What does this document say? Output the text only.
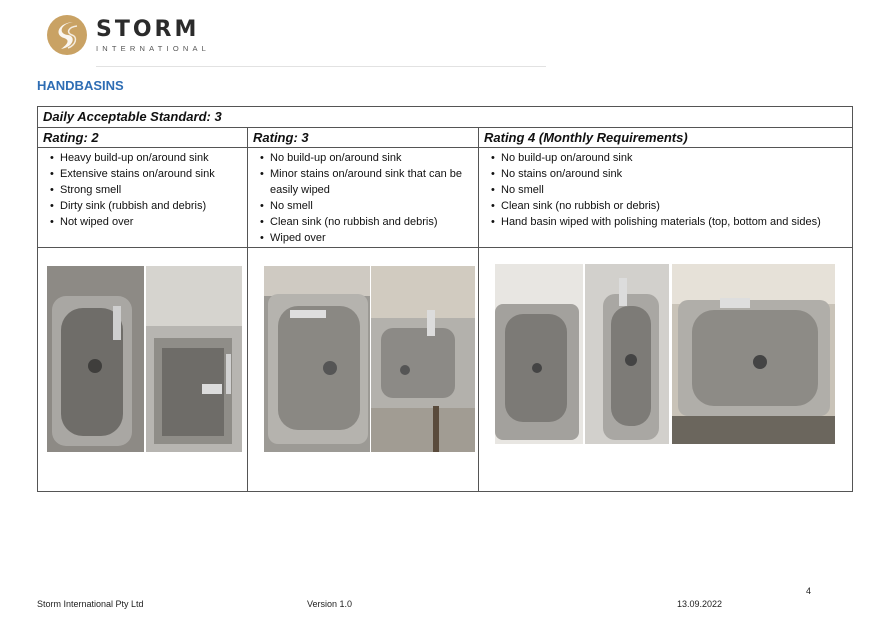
STORM
INTERNATIONAL
HANDBASINS
Daily Acceptable Standard: 3
Rating: 2
• Heavy build-up on/around sink
• Extensive stains on/around sink
• Strong smell
• Dirty sink (rubbish and debris)
• Not wiped over
Rating: 3
• No build-up on/around sink
• Minor stains on/around sink that can be easily wiped
• No smell
• Clean sink (no rubbish and debris)
• Wiped over
Rating 4 (Monthly Requirements)
• No build-up on/around sink
• No stains on/around sink
• No smell
• Clean sink (no rubbish or debris)
• Hand basin wiped with polishing materials (top, bottom and sides)
4
Storm International Pty Ltd	Version 1.0	13.09.2022
